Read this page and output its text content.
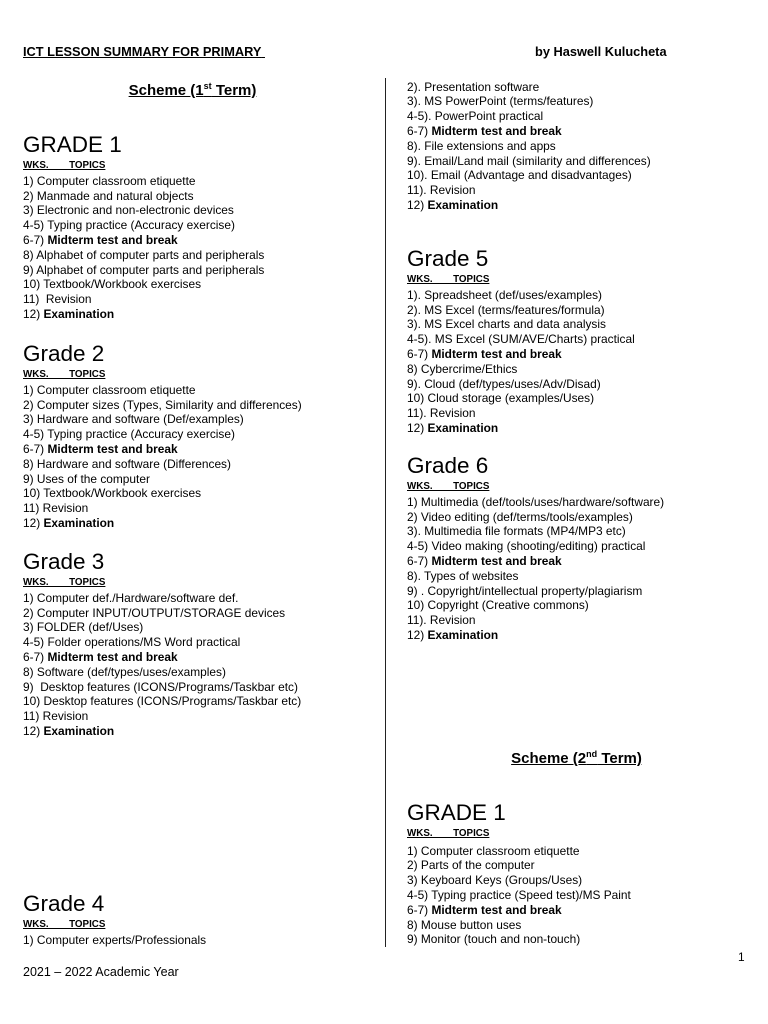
ICT LESSON SUMMARY FOR PRIMARY	by Haswell Kulucheta
Scheme (1st Term)
GRADE 1
WKS.      TOPICS
1) Computer classroom etiquette
2) Manmade and natural objects
3) Electronic and non-electronic devices
4-5) Typing practice (Accuracy exercise)
6-7) Midterm test and break
8) Alphabet of computer parts and peripherals
9) Alphabet of computer parts and peripherals
10) Textbook/Workbook exercises
11)  Revision
12) Examination
Grade 2
WKS.      TOPICS
1) Computer classroom etiquette
2) Computer sizes (Types, Similarity and differences)
3) Hardware and software (Def/examples)
4-5) Typing practice (Accuracy exercise)
6-7) Midterm test and break
8) Hardware and software (Differences)
9) Uses of the computer
10) Textbook/Workbook exercises
11) Revision
12) Examination
Grade 3
WKS.      TOPICS
1) Computer def./Hardware/software def.
2) Computer INPUT/OUTPUT/STORAGE devices
3) FOLDER (def/Uses)
4-5) Folder operations/MS Word practical
6-7) Midterm test and break
8) Software (def/types/uses/examples)
9)  Desktop features (ICONS/Programs/Taskbar etc)
10) Desktop features (ICONS/Programs/Taskbar etc)
11) Revision
12) Examination
Grade 4
WKS.      TOPICS
1) Computer experts/Professionals
2). Presentation software
3). MS PowerPoint (terms/features)
4-5). PowerPoint practical
6-7) Midterm test and break
8). File extensions and apps
9). Email/Land mail (similarity and differences)
10). Email (Advantage and disadvantages)
11). Revision
12) Examination
Grade 5
WKS.      TOPICS
1). Spreadsheet (def/uses/examples)
2). MS Excel (terms/features/formula)
3). MS Excel charts and data analysis
4-5). MS Excel (SUM/AVE/Charts) practical
6-7) Midterm test and break
8) Cybercrime/Ethics
9). Cloud (def/types/uses/Adv/Disad)
10) Cloud storage (examples/Uses)
11). Revision
12) Examination
Grade 6
WKS.      TOPICS
1) Multimedia (def/tools/uses/hardware/software)
2) Video editing (def/terms/tools/examples)
3). Multimedia file formats (MP4/MP3 etc)
4-5) Video making (shooting/editing) practical
6-7) Midterm test and break
8). Types of websites
9) . Copyright/intellectual property/plagiarism
10) Copyright (Creative commons)
11). Revision
12) Examination
Scheme (2nd Term)
GRADE 1
WKS.      TOPICS
1) Computer classroom etiquette
2) Parts of the computer
3) Keyboard Keys (Groups/Uses)
4-5) Typing practice (Speed test)/MS Paint
6-7) Midterm test and break
8) Mouse button uses
9) Monitor (touch and non-touch)
1
2021 – 2022 Academic Year
